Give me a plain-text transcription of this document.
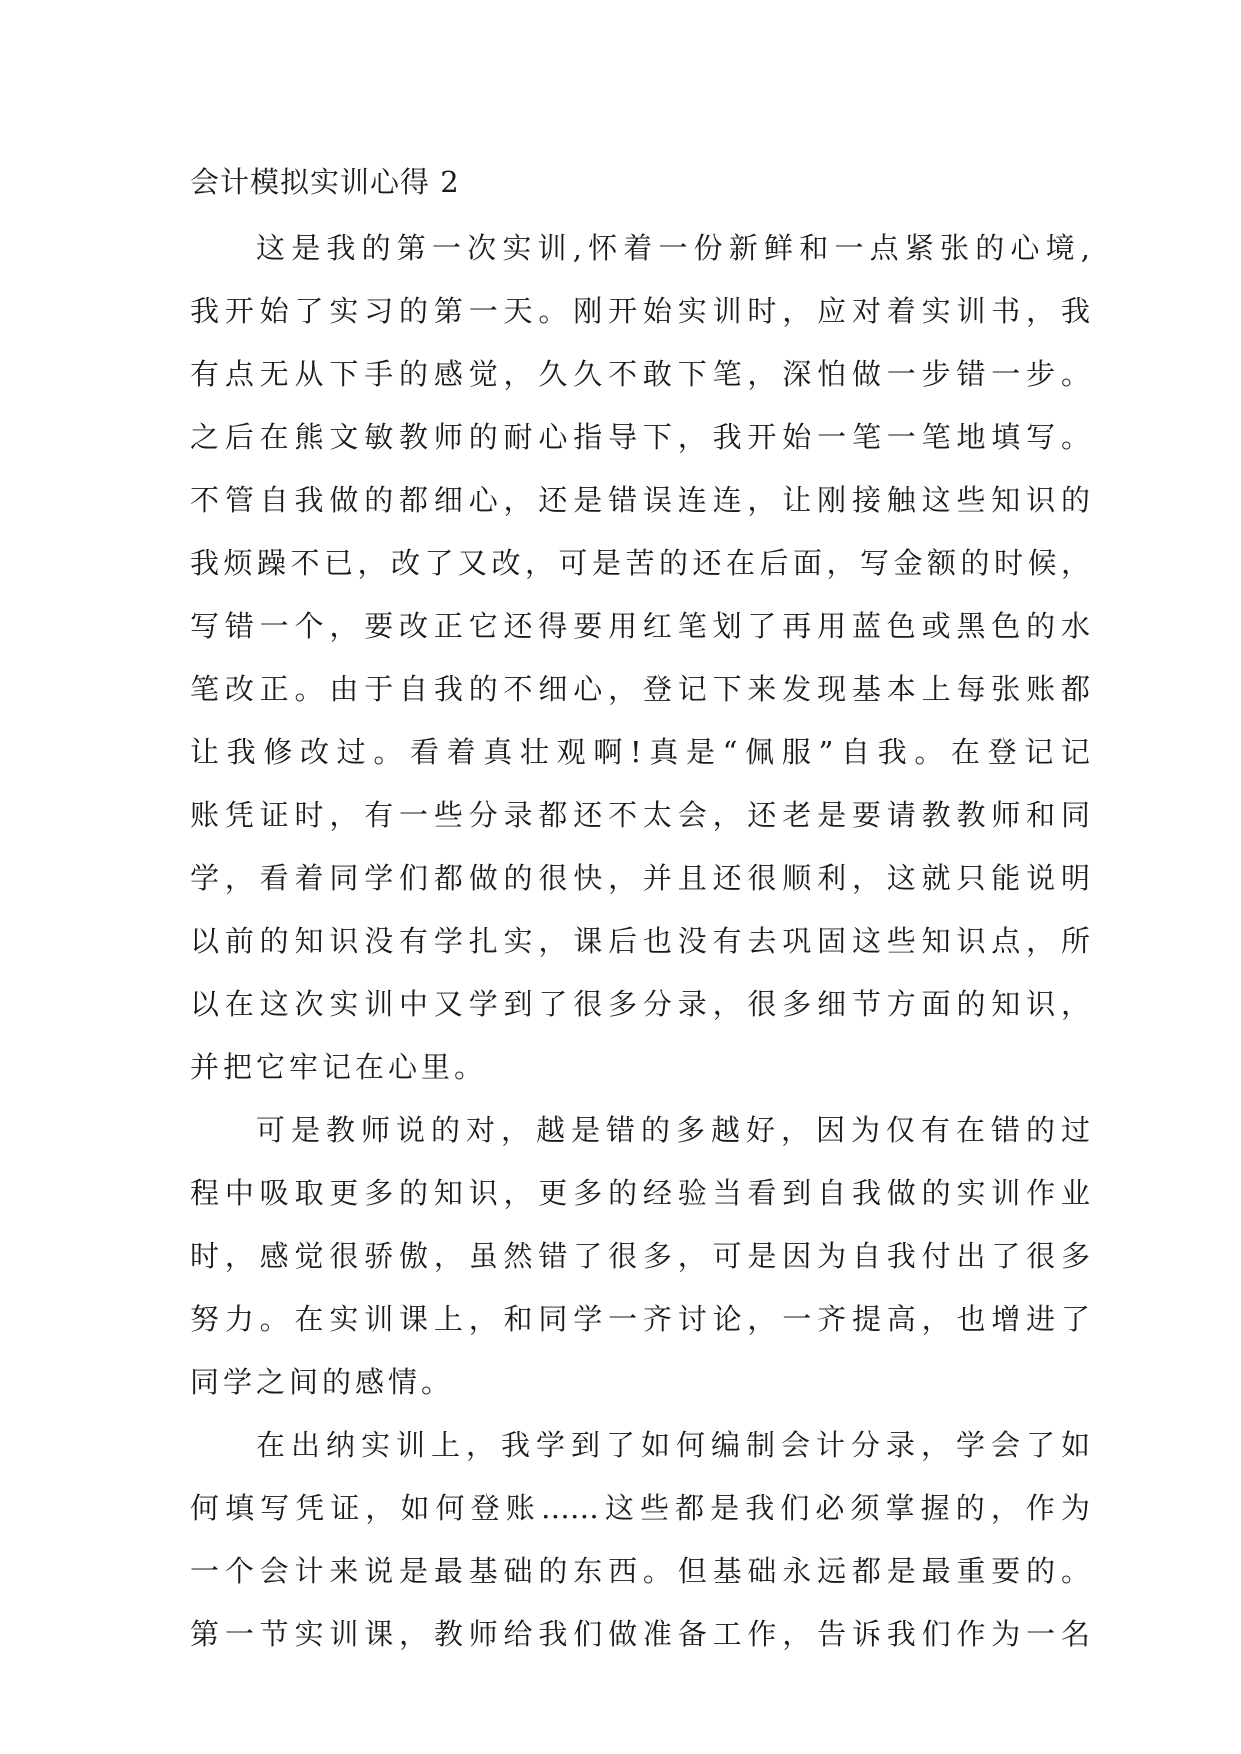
会计模拟实训心得 2
这是我的第一次实训,怀着一份新鲜和一点紧张的心境,
我开始了实习的第一天。刚开始实训时，应对着实训书，我
有点无从下手的感觉，久久不敢下笔，深怕做一步错一步。
之后在熊文敏教师的耐心指导下，我开始一笔一笔地填写。
不管自我做的都细心，还是错误连连，让刚接触这些知识的
我烦躁不已，改了又改，可是苦的还在后面，写金额的时候，
写错一个，要改正它还得要用红笔划了再用蓝色或黑色的水
笔改正。由于自我的不细心，登记下来发现基本上每张账都
让我修改过。看着真壮观啊!真是“佩服”自我。在登记记
账凭证时，有一些分录都还不太会，还老是要请教教师和同
学，看着同学们都做的很快，并且还很顺利，这就只能说明
以前的知识没有学扎实，课后也没有去巩固这些知识点，所
以在这次实训中又学到了很多分录，很多细节方面的知识，
并把它牢记在心里。
可是教师说的对，越是错的多越好，因为仅有在错的过
程中吸取更多的知识，更多的经验当看到自我做的实训作业
时，感觉很骄傲，虽然错了很多，可是因为自我付出了很多
努力。在实训课上，和同学一齐讨论，一齐提高，也增进了
同学之间的感情。
在出纳实训上，我学到了如何编制会计分录，学会了如
何填写凭证，如何登账……这些都是我们必须掌握的，作为
一个会计来说是最基础的东西。但基础永远都是最重要的。
第一节实训课，教师给我们做准备工作，告诉我们作为一名
